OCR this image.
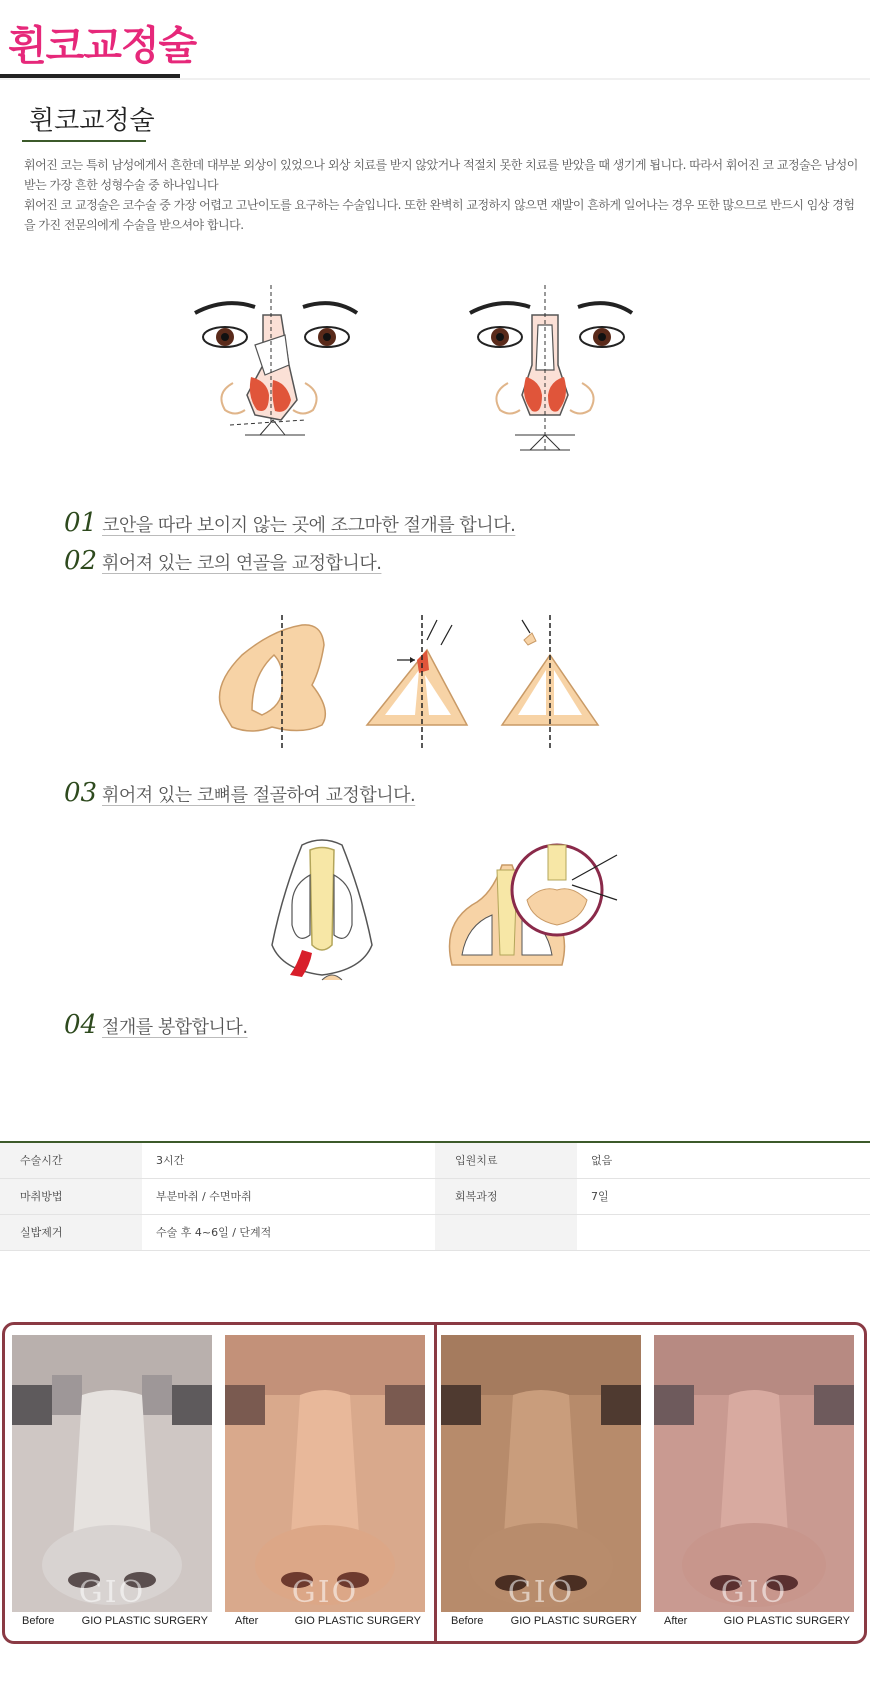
휜코교정술
휜코교정술

휘어진 코는 특히 남성에게서 흔한데 대부분 외상이 있었으나 외상 치료를 받지 않았거나 적절치 못한 치료를 받았을 때 생기게 됩니다. 따라서 휘어진 코 교정술은 남성이 받는 가장 흔한 성형수술 중 하나입니다

휘어진 코 교정술은 코수술 중 가장 어렵고 고난이도를 요구하는 수술입니다. 또한 완벽히 교정하지 않으면 재발이 흔하게 일어나는 경우 또한 많으므로 반드시 임상 경험을 가진 전문의에게 수술을 받으셔야 합니다.

01 코안을 따라 보이지 않는 곳에 조그마한 절개를 합니다.
02 휘어져 있는 코의 연골을 교정합니다.
03 휘어져 있는 코뼈를 절골하여 교정합니다.
04 절개를 봉합합니다.
수술시간	3시간	입원치료	없음
마취방법	부분마취 / 수면마취	회복과정	7일
실밥제거	수술 후 4~6일 / 단계적		
GIO
Before GIO PLASTIC SURGERY
GIO
After	GIO PLASTIC SURGERY
GIO
Before GIO PLASTIC SURGERY
GIO
After	GIO PLASTIC SURGERY
